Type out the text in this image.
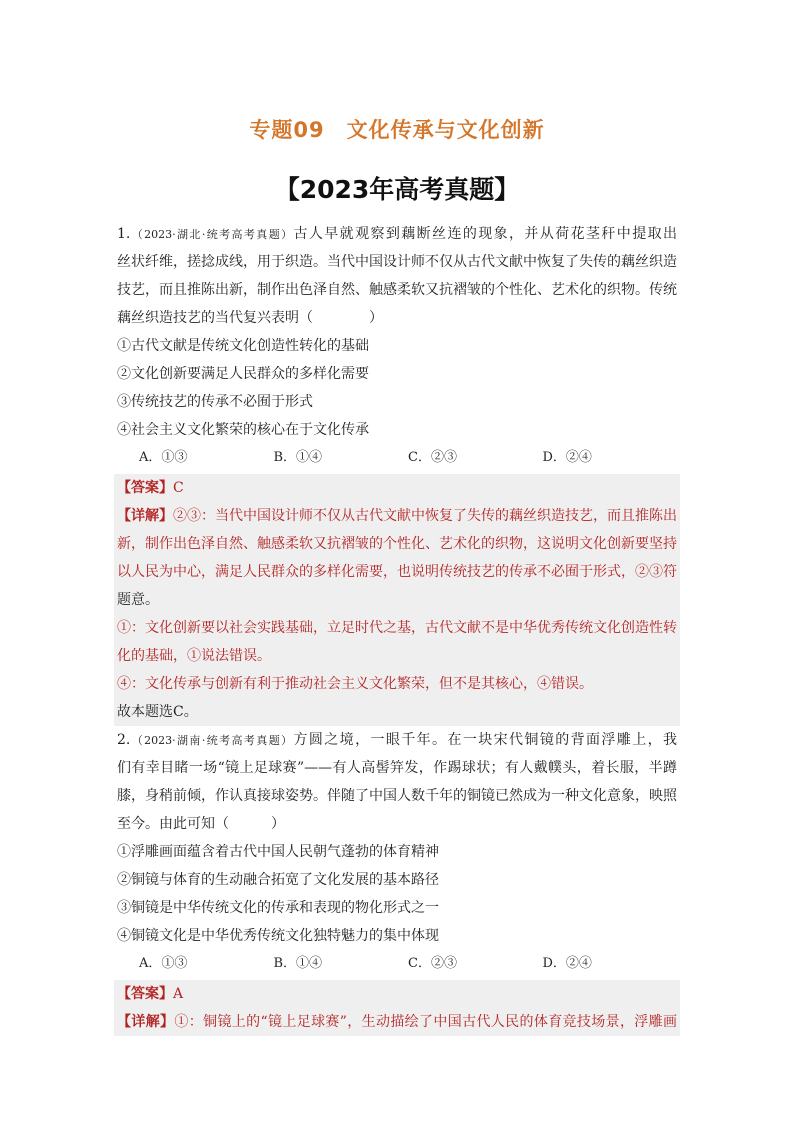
专题09 文化传承与文化创新
【2023年高考真题】
1.（2023·湖北·统考高考真题）古人早就观察到藕断丝连的现象，并从荷花茎秆中提取出
丝状纤维，搓捻成线，用于织造。当代中国设计师不仅从古代文献中恢复了失传的藕丝织造
技艺，而且推陈出新，制作出色泽自然、触感柔软又抗褶皱的个性化、艺术化的织物。传统
藕丝织造技艺的当代复兴表明（　　　　）
①古代文献是传统文化创造性转化的基础
②文化创新要满足人民群众的多样化需要
③传统技艺的传承不必囿于形式
④社会主义文化繁荣的核心在于文化传承
A．①③	B．①④	C．②③	D．②④
【答案】C
【详解】②③：当代中国设计师不仅从古代文献中恢复了失传的藕丝织造技艺，而且推陈出
新，制作出色泽自然、触感柔软又抗褶皱的个性化、艺术化的织物，这说明文化创新要坚持
以人民为中心，满足人民群众的多样化需要，也说明传统技艺的传承不必囿于形式，②③符
题意。
①：文化创新要以社会实践基础，立足时代之基，古代文献不是中华优秀传统文化创造性转
化的基础，①说法错误。
④：文化传承与创新有利于推动社会主义文化繁荣，但不是其核心，④错误。
故本题选C。
2.（2023·湖南·统考高考真题）方圆之境，一眼千年。在一块宋代铜镜的背面浮雕上，我
们有幸目睹一场“镜上足球赛”——有人高髻笄发，作踢球状；有人戴幞头，着长服，半蹲
膝，身稍前倾，作认真接球姿势。伴随了中国人数千年的铜镜已然成为一种文化意象，映照
至今。由此可知（　　　）
①浮雕画面蕴含着古代中国人民朝气蓬勃的体育精神
②铜镜与体育的生动融合拓宽了文化发展的基本路径
③铜镜是中华传统文化的传承和表现的物化形式之一
④铜镜文化是中华优秀传统文化独特魅力的集中体现
A．①③	B．①④	C．②③	D．②④
【答案】A
【详解】①：铜镜上的“镜上足球赛”，生动描绘了中国古代人民的体育竞技场景，浮雕画
